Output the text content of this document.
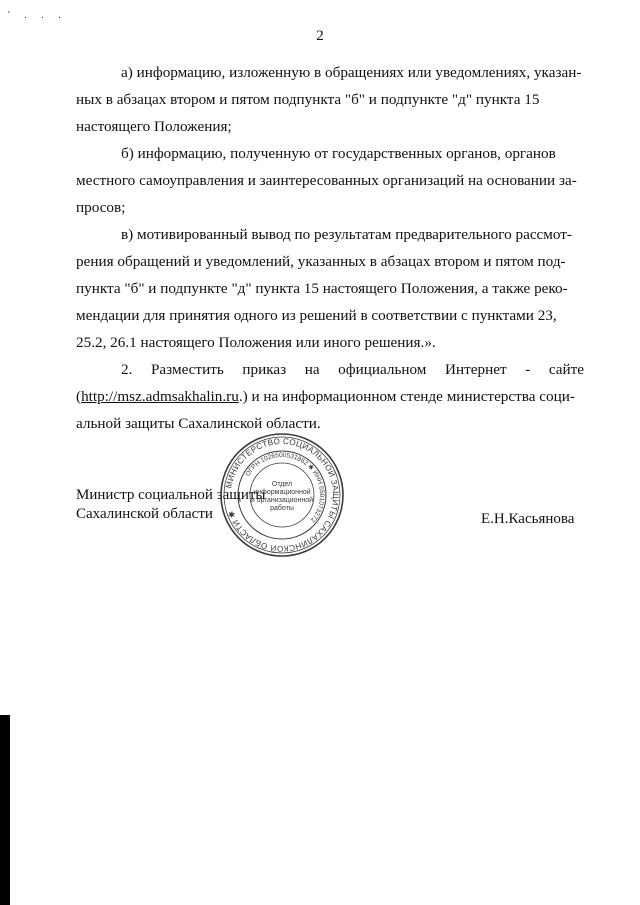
' . . .
2
а) информацию, изложенную в обращениях или уведомлениях, указан-
ных в абзацах втором и пятом подпункта "б" и подпункте "д" пункта 15
настоящего Положения;
б) информацию, полученную от государственных органов, органов
местного самоуправления и заинтересованных организаций на основании за-
просов;
в) мотивированный вывод по результатам предварительного рассмот-
рения обращений и уведомлений, указанных в абзацах втором и пятом под-
пункта "б" и подпункте "д" пункта 15 настоящего Положения, а также реко-
мендации для принятия одного из решений в соответствии с пунктами 23,
25.2, 26.1 настоящего Положения или иного решения.».
2. Разместить приказ на официальном Интернет - сайте
(http://msz.admsakhalin.ru.) и на информационном стенде министерства соци-
альной защиты Сахалинской области.
Министр социальной защиты
Сахалинской области	Е.Н.Касьянова
МИНИСТЕРСТВО СОЦИАЛЬНОЙ ЗАЩИТЫ САХАЛИНСКОЙ ОБЛАСТИ ✱
ОГРН 1026500531862 ✱ ИНН 6501073272
Отдел
информационной
и организационной
работы
